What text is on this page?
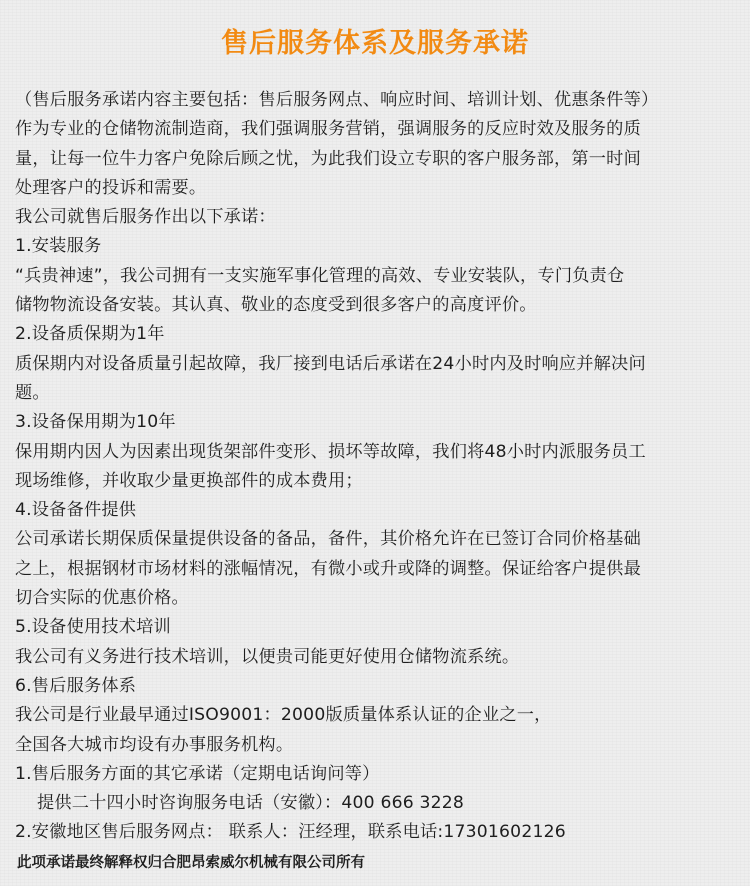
售后服务体系及服务承诺
（售后服务承诺内容主要包括：售后服务网点、响应时间、培训计划、优惠条件等）
作为专业的仓储物流制造商，我们强调服务营销，强调服务的反应时效及服务的质
量，让每一位牛力客户免除后顾之忧，为此我们设立专职的客户服务部，第一时间
处理客户的投诉和需要。
我公司就售后服务作出以下承诺：
1.安装服务
“兵贵神速”，我公司拥有一支实施军事化管理的高效、专业安装队，专门负责仓
储物物流设备安装。其认真、敬业的态度受到很多客户的高度评价。
2.设备质保期为1年
质保期内对设备质量引起故障，我厂接到电话后承诺在24小时内及时响应并解决问
题。
3.设备保用期为10年
保用期内因人为因素出现货架部件变形、损坏等故障，我们将48小时内派服务员工
现场维修，并收取少量更换部件的成本费用；
4.设备备件提供
公司承诺长期保质保量提供设备的备品，备件，其价格允许在已签订合同价格基础
之上，根据钢材市场材料的涨幅情况，有微小或升或降的调整。保证给客户提供最
切合实际的优惠价格。
5.设备使用技术培训
我公司有义务进行技术培训，以便贵司能更好使用仓储物流系统。
6.售后服务体系
我公司是行业最早通过ISO9001：2000版质量体系认证的企业之一，
全国各大城市均设有办事服务机构。
1.售后服务方面的其它承诺（定期电话询问等）
提供二十四小时咨询服务电话（安徽）：400 666 3228
2.安徽地区售后服务网点： 联系人：汪经理，联系电话:17301602126
此项承诺最终解释权归合肥昂索威尔机械有限公司所有
